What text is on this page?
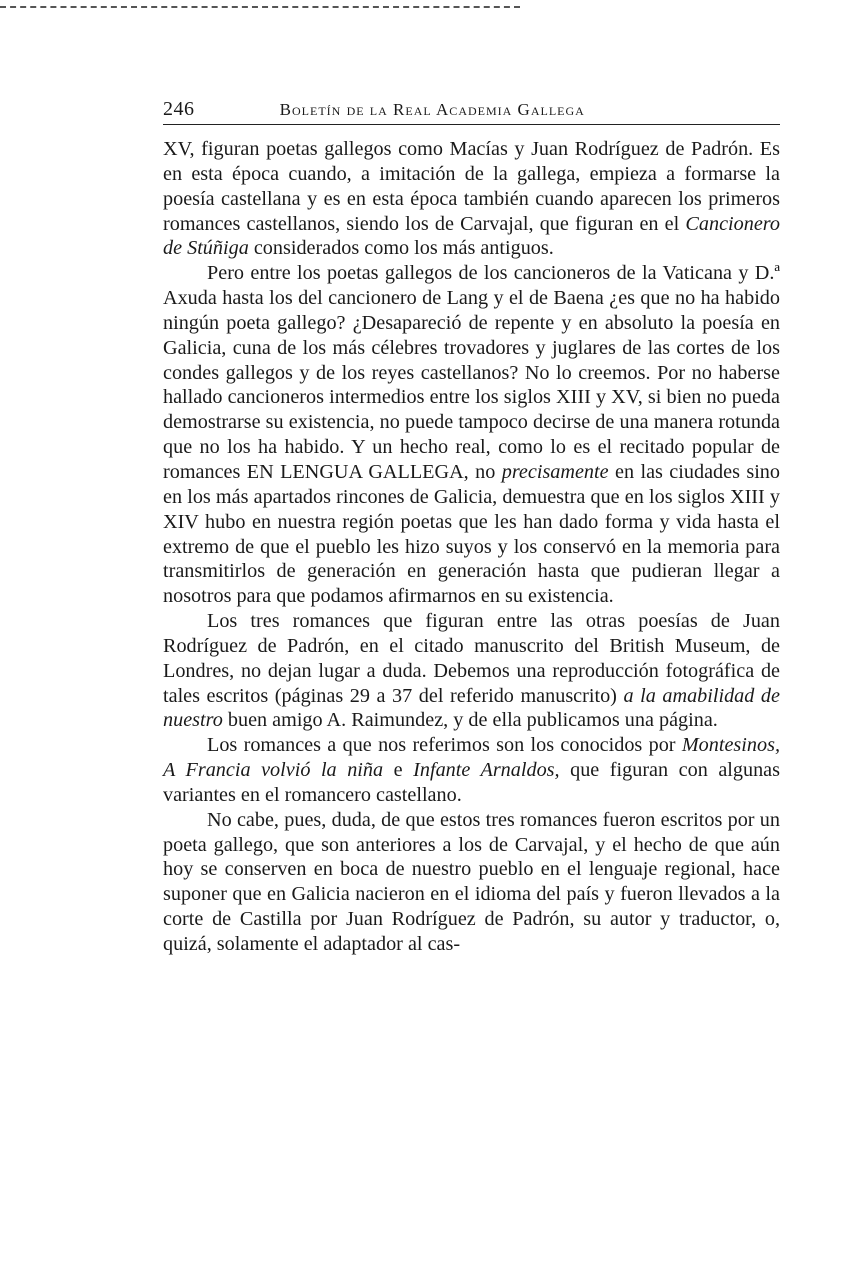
246	Boletín de la Real Academia Gallega

XV, figuran poetas gallegos como Macías y Juan Rodríguez de Padrón. Es en esta época cuando, a imitación de la gallega, empieza a formarse la poesía castellana y es en esta época también cuando aparecen los primeros romances castellanos, siendo los de Carvajal, que figuran en el Cancionero de Stúñiga considerados como los más antiguos.

Pero entre los poetas gallegos de los cancioneros de la Vaticana y D.ª Axuda hasta los del cancionero de Lang y el de Baena ¿es que no ha habido ningún poeta gallego? ¿Desapareció de repente y en absoluto la poesía en Galicia, cuna de los más célebres trovadores y juglares de las cortes de los condes gallegos y de los reyes castellanos? No lo creemos. Por no haberse hallado cancioneros intermedios entre los siglos XIII y XV, si bien no pueda demostrarse su existencia, no puede tampoco decirse de una manera rotunda que no los ha habido. Y un hecho real, como lo es el recitado popular de romances EN LENGUA GALLEGA, no precisamente en las ciudades sino en los más apartados rincones de Galicia, demuestra que en los siglos XIII y XIV hubo en nuestra región poetas que les han dado forma y vida hasta el extremo de que el pueblo les hizo suyos y los conservó en la memoria para transmitirlos de generación en generación hasta que pudieran llegar a nosotros para que podamos afirmarnos en su existencia.

Los tres romances que figuran entre las otras poesías de Juan Rodríguez de Padrón, en el citado manuscrito del British Museum, de Londres, no dejan lugar a duda. Debemos una reproducción fotográfica de tales escritos (páginas 29 a 37 del referido manuscrito) a la amabilidad de nuestro buen amigo A. Raimundez, y de ella publicamos una página.

Los romances a que nos referimos son los conocidos por Montesinos, A Francia volvió la niña e Infante Arnaldos, que figuran con algunas variantes en el romancero castellano.

No cabe, pues, duda, de que estos tres romances fueron escritos por un poeta gallego, que son anteriores a los de Carvajal, y el hecho de que aún hoy se conserven en boca de nuestro pueblo en el lenguaje regional, hace suponer que en Galicia nacieron en el idioma del país y fueron llevados a la corte de Castilla por Juan Rodríguez de Padrón, su autor y traductor, o, quizá, solamente el adaptador al cas-
